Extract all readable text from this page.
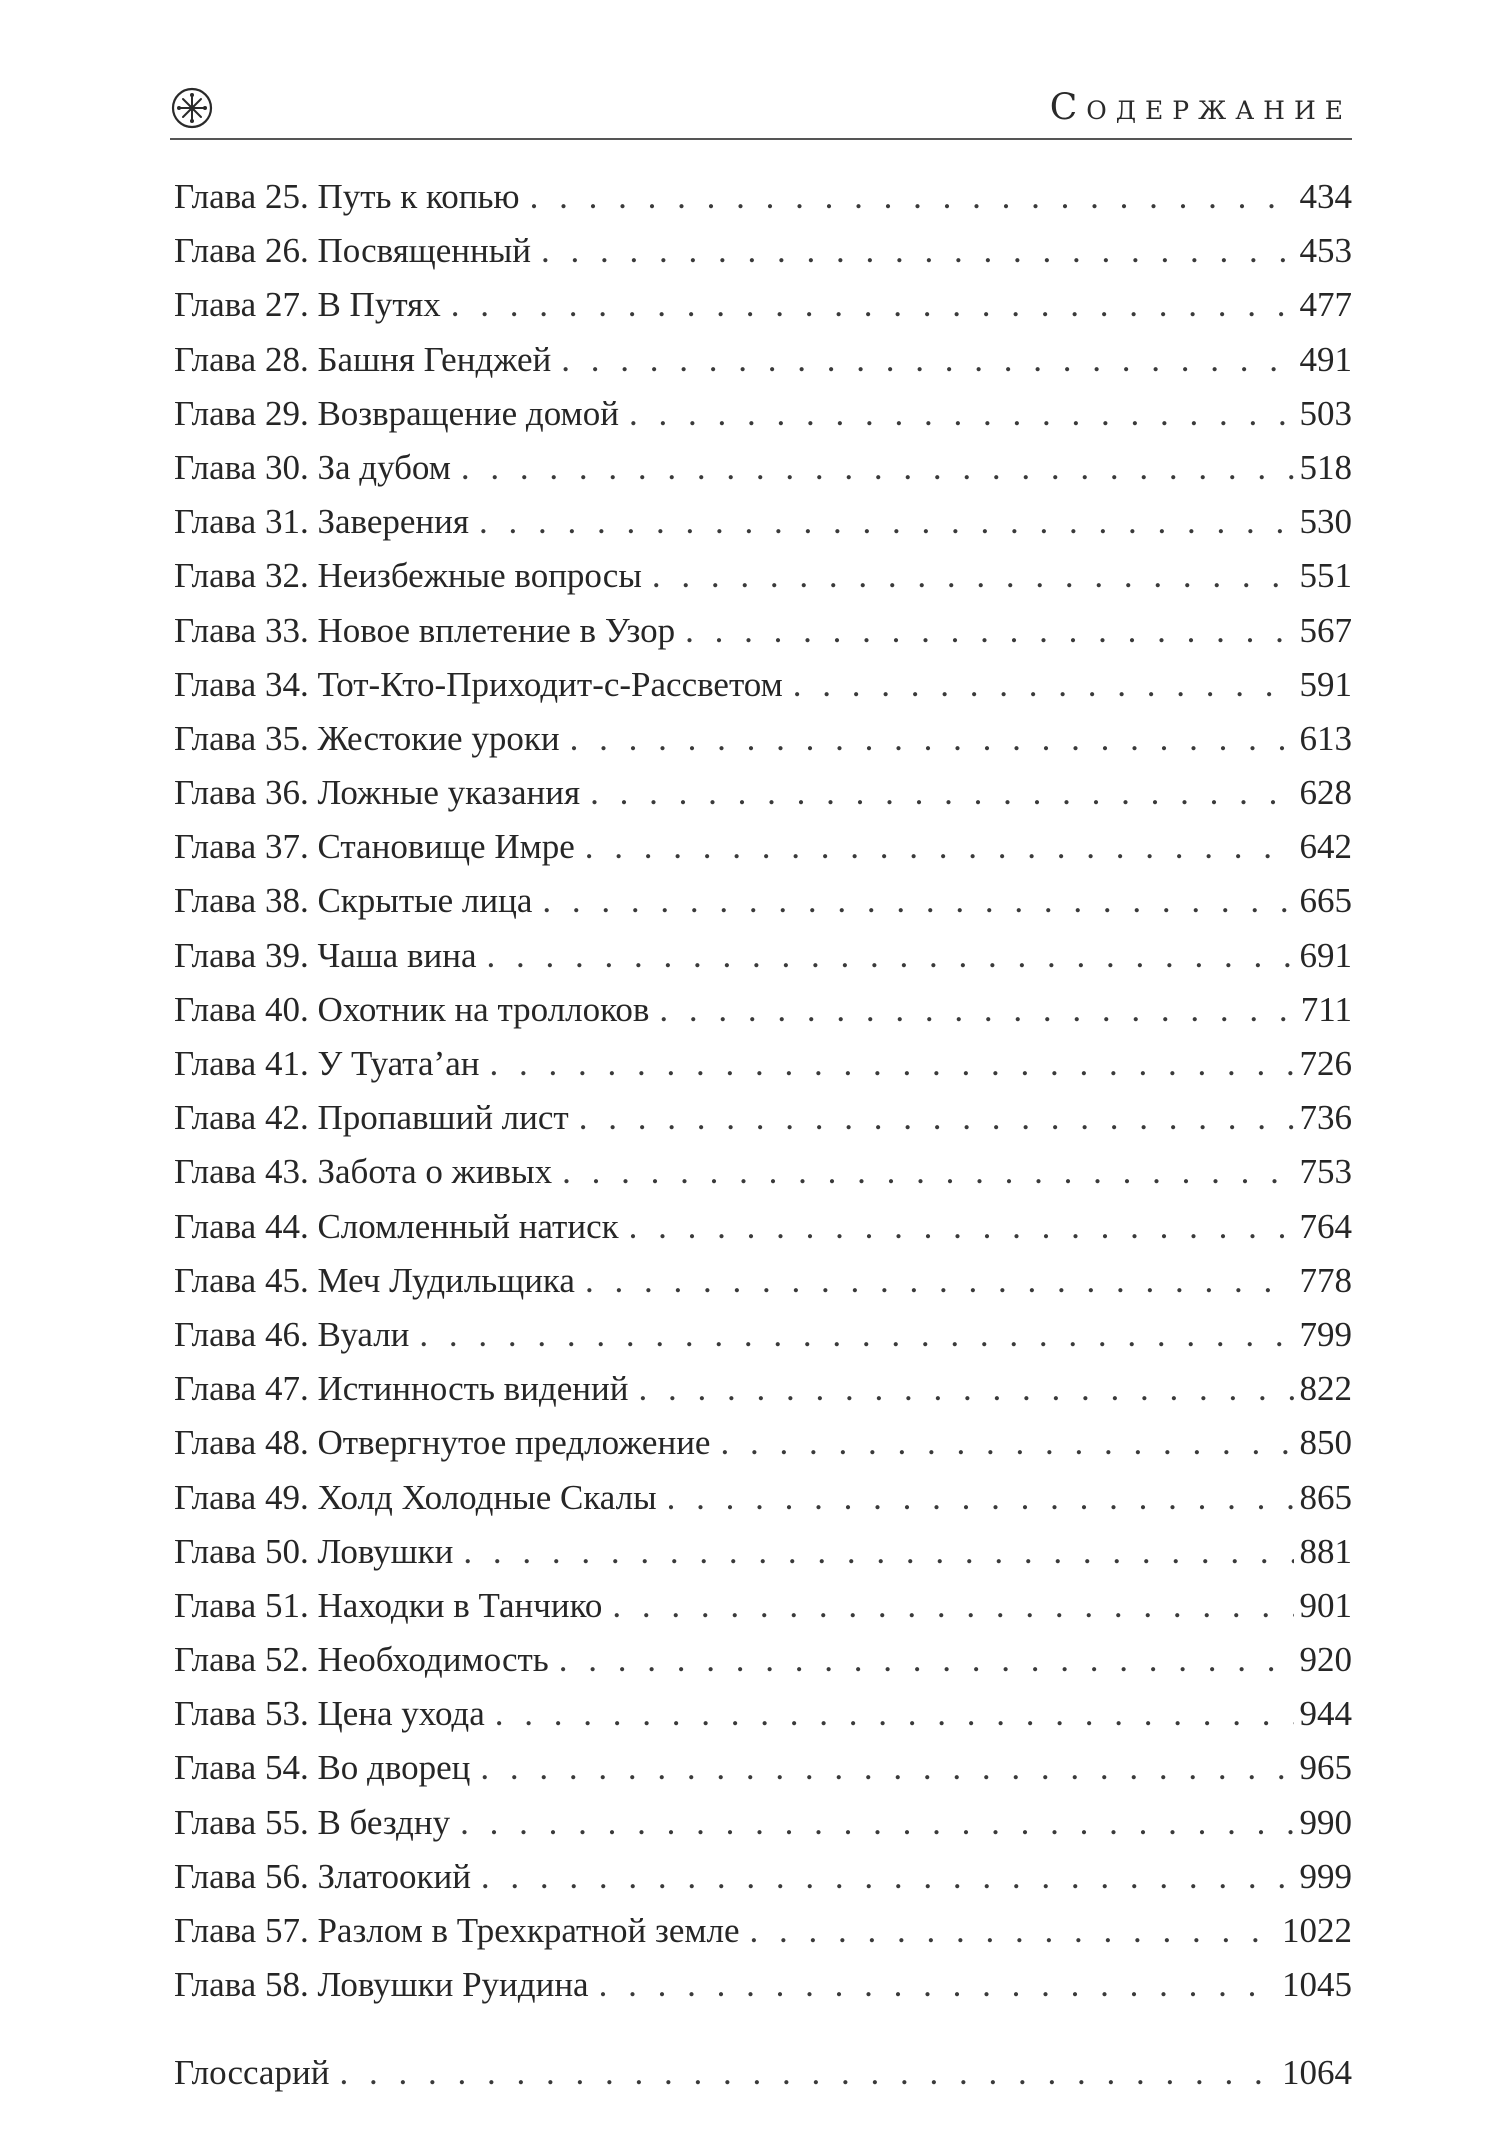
Содержание
Глава 25. Путь к копью . . .	434
Глава 26. Посвященный . . .	453
Глава 27. В Путях . . .	477
Глава 28. Башня Генджей . . .	491
Глава 29. Возвращение домой . . .	503
Глава 30. За дубом . . .	518
Глава 31. Заверения . . .	530
Глава 32. Неизбежные вопросы . . .	551
Глава 33. Новое вплетение в Узор . . .	567
Глава 34. Тот-Кто-Приходит-с-Рассветом . . .	591
Глава 35. Жестокие уроки . . .	613
Глава 36. Ложные указания . . .	628
Глава 37. Становище Имре . . .	642
Глава 38. Скрытые лица . . .	665
Глава 39. Чаша вина . . .	691
Глава 40. Охотник на троллоков . . .	711
Глава 41. У Туата’ан . . .	726
Глава 42. Пропавший лист . . .	736
Глава 43. Забота о живых . . .	753
Глава 44. Сломленный натиск . . .	764
Глава 45. Меч Лудильщика . . .	778
Глава 46. Вуали . . .	799
Глава 47. Истинность видений . . .	822
Глава 48. Отвергнутое предложение . . .	850
Глава 49. Холд Холодные Скалы . . .	865
Глава 50. Ловушки . . .	881
Глава 51. Находки в Танчико . . .	901
Глава 52. Необходимость . . .	920
Глава 53. Цена ухода . . .	944
Глава 54. Во дворец . . .	965
Глава 55. В бездну . . .	990
Глава 56. Златоокий . . .	999
Глава 57. Разлом в Трехкратной земле . . .	1022
Глава 58. Ловушки Руидина . . .	1045
Глоссарий . . .	1064
